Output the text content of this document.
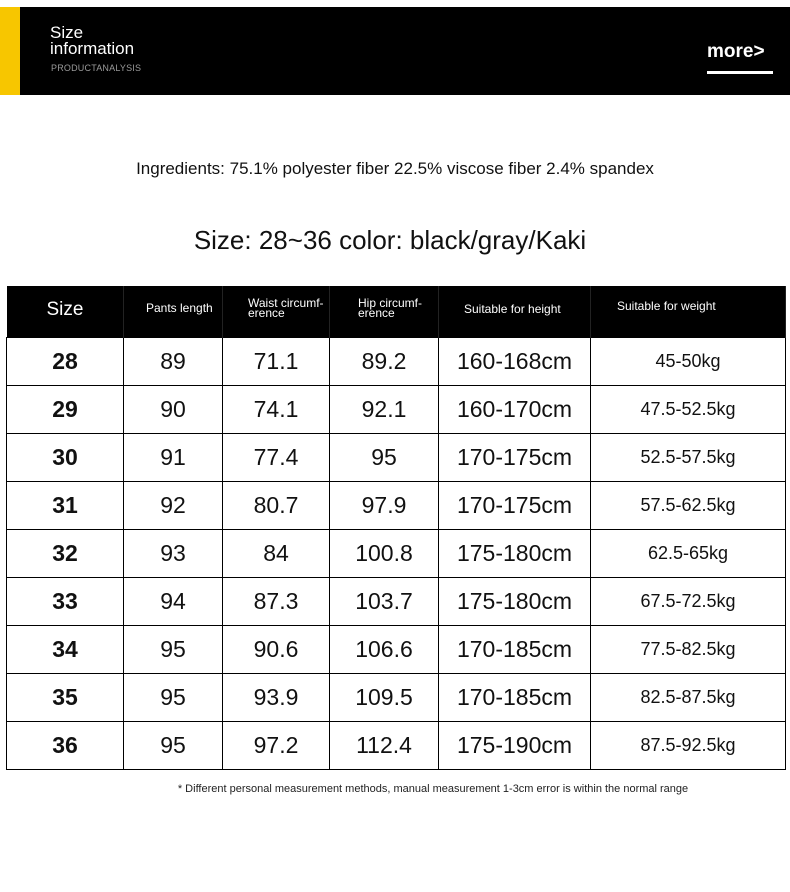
Size information
PRODUCTANALYSIS
more>
Ingredients: 75.1% polyester fiber 22.5% viscose fiber 2.4% spandex
Size: 28~36 color: black/gray/Kaki
Size	Pants length	Waist circumf-erence	Hip circumf-erence	Suitable for height	Suitable for weight

28	89	71.1	89.2	160-168cm	45-50kg
29	90	74.1	92.1	160-170cm	47.5-52.5kg
30	91	77.4	95	170-175cm	52.5-57.5kg
31	92	80.7	97.9	170-175cm	57.5-62.5kg
32	93	84	100.8	175-180cm	62.5-65kg
33	94	87.3	103.7	175-180cm	67.5-72.5kg
34	95	90.6	106.6	170-185cm	77.5-82.5kg
35	95	93.9	109.5	170-185cm	82.5-87.5kg
36	95	97.2	112.4	175-190cm	87.5-92.5kg
* Different personal measurement methods, manual measurement 1-3cm error is within the normal range
